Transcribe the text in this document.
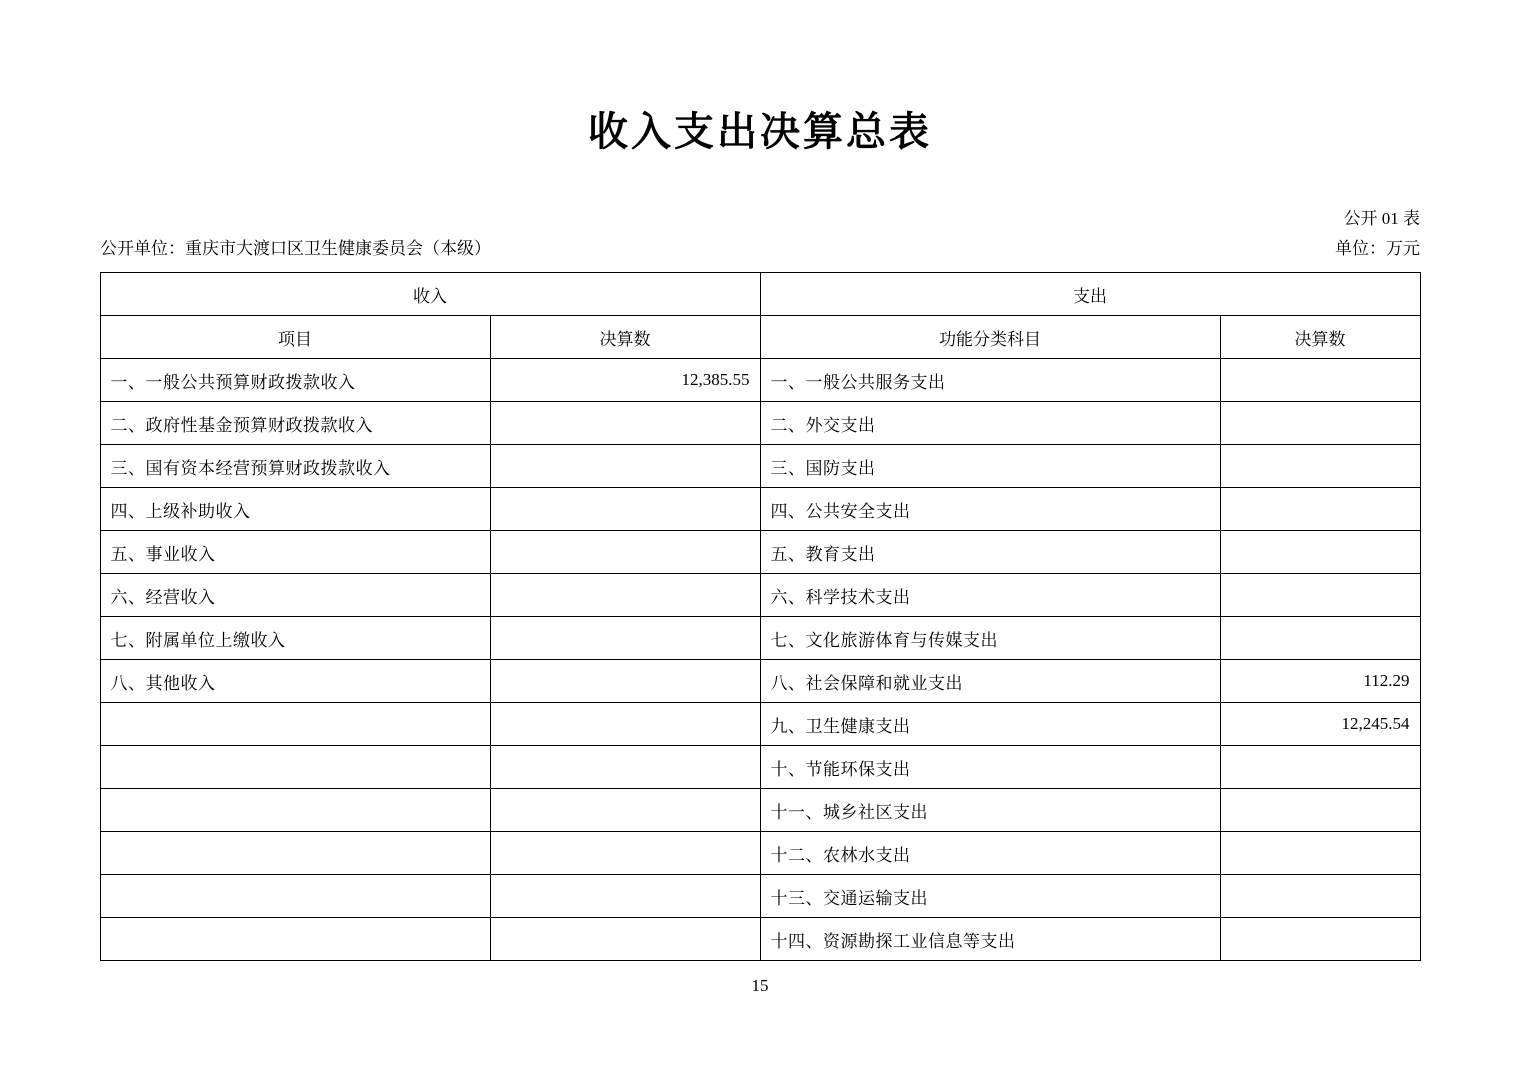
收入支出决算总表
公开 01 表
公开单位：重庆市大渡口区卫生健康委员会（本级）	单位：万元
收入		支出	
项目	决算数	功能分类科目	决算数
一、一般公共预算财政拨款收入	12,385.55	一、一般公共服务支出	
二、政府性基金预算财政拨款收入		二、外交支出	
三、国有资本经营预算财政拨款收入		三、国防支出	
四、上级补助收入		四、公共安全支出	
五、事业收入		五、教育支出	
六、经营收入		六、科学技术支出	
七、附属单位上缴收入		七、文化旅游体育与传媒支出	
八、其他收入		八、社会保障和就业支出	112.29
		九、卫生健康支出	12,245.54
		十、节能环保支出	
		十一、城乡社区支出	
		十二、农林水支出	
		十三、交通运输支出	
		十四、资源勘探工业信息等支出	
15
